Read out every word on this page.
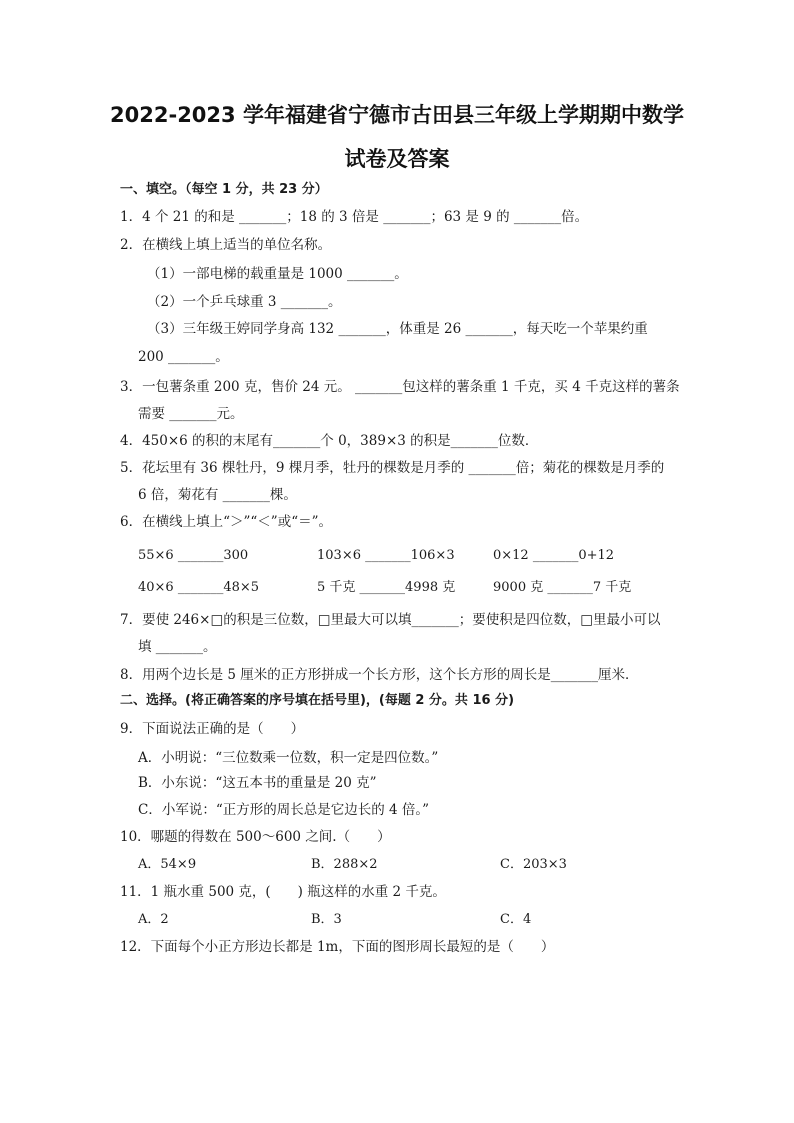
2022-2023 学年福建省宁德市古田县三年级上学期期中数学
试卷及答案
一、填空。（每空 1 分，共 23 分）
1．4 个 21 的和是 _______；18 的 3 倍是 _______；63 是 9 的 _______倍。
2．在横线上填上适当的单位名称。
（1）一部电梯的载重量是 1000 _______。
（2）一个乒乓球重 3 _______。
（3）三年级王婷同学身高 132 _______，体重是 26 _______，每天吃一个苹果约重
200 _______。
3．一包薯条重 200 克，售价 24 元。 _______包这样的薯条重 1 千克，买 4 千克这样的薯条
需要 _______元。
4．450×6 的积的末尾有_______个 0，389×3 的积是_______位数．
5．花坛里有 36 棵牡丹，9 棵月季，牡丹的棵数是月季的 _______倍；菊花的棵数是月季的
6 倍，菊花有 _______棵。
6．在横线上填上“＞”“＜”或“＝”。
55×6 _______300	103×6 _______106×3	0×12 _______0+12
40×6 _______48×5	5 千克 _______4998 克	9000 克 _______7 千克
7．要使 246×□的积是三位数，□里最大可以填_______；要使积是四位数，□里最小可以
填 _______。
8．用两个边长是 5 厘米的正方形拼成一个长方形，这个长方形的周长是_______厘米．
二、选择。(将正确答案的序号填在括号里)，(每题 2 分。共 16 分)
9．下面说法正确的是（　　）
A．小明说：“三位数乘一位数，积一定是四位数。”
B．小东说：“这五本书的重量是 20 克”
C．小军说：“正方形的周长总是它边长的 4 倍。”
10．哪题的得数在 500～600 之间.（　　）
A．54×9	B．288×2	C．203×3
11．1 瓶水重 500 克，(　　) 瓶这样的水重 2 千克。
A．2	B．3	C．4
12．下面每个小正方形边长都是 1m，下面的图形周长最短的是（　　）
